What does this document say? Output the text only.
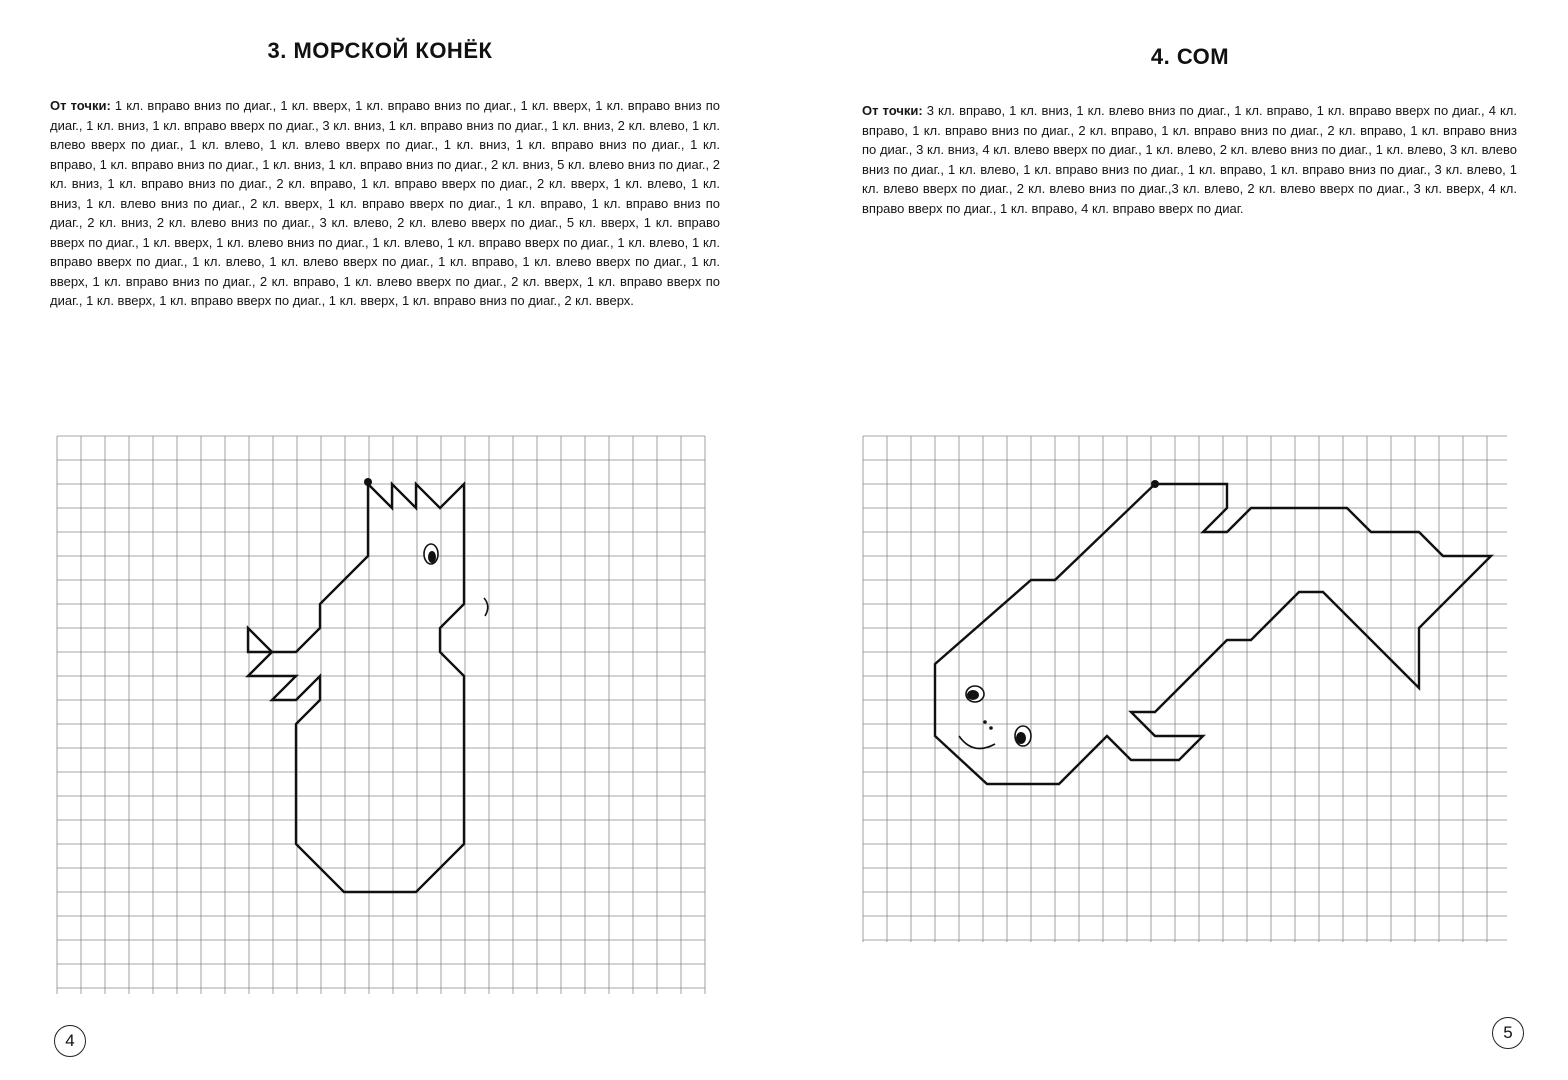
3. МОРСКОЙ КОНЁК

От точки: 1 кл. вправо вниз по диаг., 1 кл. вверх, 1 кл. вправо вниз по диаг., 1 кл. вверх, 1 кл. вправо вниз по диаг., 1 кл. вниз, 1 кл. вправо вверх по диаг., 3 кл. вниз, 1 кл. вправо вниз по диаг., 1 кл. вниз, 2 кл. влево, 1 кл. влево вверх по диаг., 1 кл. влево, 1 кл. влево вверх по диаг., 1 кл. вниз, 1 кл. вправо вниз по диаг., 1 кл. вправо, 1 кл. вправо вниз по диаг., 1 кл. вниз, 1 кл. вправо вниз по диаг., 2 кл. вниз, 5 кл. влево вниз по диаг., 2 кл. вниз, 1 кл. вправо вниз по диаг., 2 кл. вправо, 1 кл. вправо вверх по диаг., 2 кл. вверх, 1 кл. влево, 1 кл. вниз, 1 кл. влево вниз по диаг., 2 кл. вверх, 1 кл. вправо вверх по диаг., 1 кл. вправо, 1 кл. вправо вниз по диаг., 2 кл. вниз, 2 кл. влево вниз по диаг., 3 кл. влево, 2 кл. влево вверх по диаг., 5 кл. вверх, 1 кл. вправо вверх по диаг., 1 кл. вверх, 1 кл. влево вниз по диаг., 1 кл. влево, 1 кл. вправо вверх по диаг., 1 кл. влево, 1 кл. вправо вверх по диаг., 1 кл. влево, 1 кл. влево вверх по диаг., 1 кл. вправо, 1 кл. влево вверх по диаг., 1 кл. вверх, 1 кл. вправо вниз по диаг., 2 кл. вправо, 1 кл. влево вверх по диаг., 2 кл. вверх, 1 кл. вправо вверх по диаг., 1 кл. вверх, 1 кл. вправо вверх по диаг., 1 кл. вверх, 1 кл. вправо вниз по диаг., 2 кл. вверх.

4
4. СОМ

От точки: 3 кл. вправо, 1 кл. вниз, 1 кл. влево вниз по диаг., 1 кл. вправо, 1 кл. вправо вверх по диаг., 4 кл. вправо, 1 кл. вправо вниз по диаг., 2 кл. вправо, 1 кл. вправо вниз по диаг., 2 кл. вправо, 1 кл. вправо вниз по диаг., 3 кл. вниз, 4 кл. влево вверх по диаг., 1 кл. влево, 2 кл. влево вниз по диаг., 1 кл. влево, 3 кл. влево вниз по диаг., 1 кл. влево, 1 кл. вправо вниз по диаг., 1 кл. вправо, 1 кл. вправо вниз по диаг., 3 кл. влево, 1 кл. влево вверх по диаг., 2 кл. влево вниз по диаг.,3 кл. влево, 2 кл. влево вверх по диаг., 3 кл. вверх, 4 кл. вправо вверх по диаг., 1 кл. вправо, 4 кл. вправо вверх по диаг.

5
